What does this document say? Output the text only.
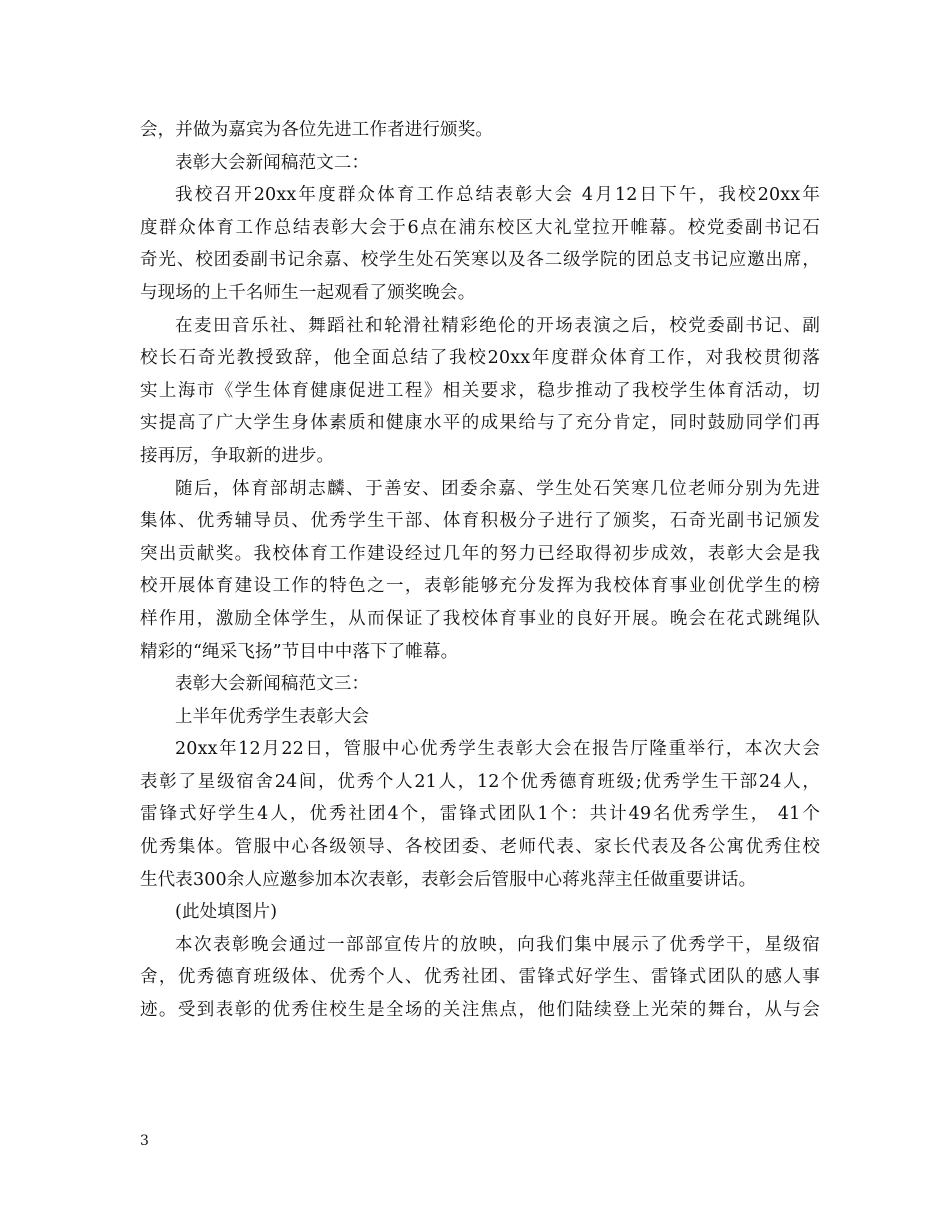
会，并做为嘉宾为各位先进工作者进行颁奖。
表彰大会新闻稿范文二：
我校召开20xx年度群众体育工作总结表彰大会 4月12日下午，我校20xx年
度群众体育工作总结表彰大会于6点在浦东校区大礼堂拉开帷幕。校党委副书记石
奇光、校团委副书记余嘉、校学生处石笑寒以及各二级学院的团总支书记应邀出席，
与现场的上千名师生一起观看了颁奖晚会。
在麦田音乐社、舞蹈社和轮滑社精彩绝伦的开场表演之后，校党委副书记、副
校长石奇光教授致辞，他全面总结了我校20xx年度群众体育工作，对我校贯彻落
实上海市《学生体育健康促进工程》相关要求，稳步推动了我校学生体育活动，切
实提高了广大学生身体素质和健康水平的成果给与了充分肯定，同时鼓励同学们再
接再厉，争取新的进步。
随后，体育部胡志麟、于善安、团委余嘉、学生处石笑寒几位老师分别为先进
集体、优秀辅导员、优秀学生干部、体育积极分子进行了颁奖，石奇光副书记颁发
突出贡献奖。我校体育工作建设经过几年的努力已经取得初步成效，表彰大会是我
校开展体育建设工作的特色之一，表彰能够充分发挥为我校体育事业创优学生的榜
样作用，激励全体学生，从而保证了我校体育事业的良好开展。晚会在花式跳绳队
精彩的“绳采飞扬”节目中中落下了帷幕。
表彰大会新闻稿范文三：
上半年优秀学生表彰大会
20xx年12月22日，管服中心优秀学生表彰大会在报告厅隆重举行，本次大会
表彰了星级宿舍24间，优秀个人21人，12个优秀德育班级;优秀学生干部24人，
雷锋式好学生4人，优秀社团4个，雷锋式团队1个：共计49名优秀学生， 41个
优秀集体。管服中心各级领导、各校团委、老师代表、家长代表及各公寓优秀住校
生代表300余人应邀参加本次表彰，表彰会后管服中心蒋兆萍主任做重要讲话。
(此处填图片)
本次表彰晚会通过一部部宣传片的放映，向我们集中展示了优秀学干，星级宿
舍，优秀德育班级体、优秀个人、优秀社团、雷锋式好学生、雷锋式团队的感人事
迹。受到表彰的优秀住校生是全场的关注焦点，他们陆续登上光荣的舞台，从与会
3
